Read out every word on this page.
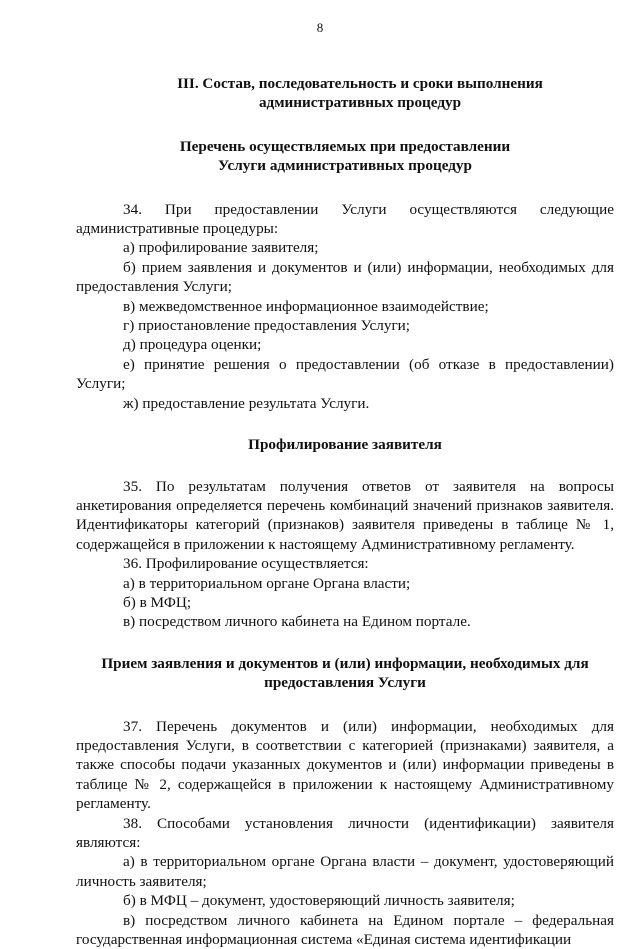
8

III. Состав, последовательность и сроки выполнения
административных процедур

Перечень осуществляемых при предоставлении
Услуги административных процедур

34. При предоставлении Услуги осуществляются следующие административные процедуры:

а) профилирование заявителя;

б) прием заявления и документов и (или) информации, необходимых для предоставления Услуги;

в) межведомственное информационное взаимодействие;

г) приостановление предоставления Услуги;

д) процедура оценки;

е) принятие решения о предоставлении (об отказе в предоставлении) Услуги;

ж) предоставление результата Услуги.

Профилирование заявителя

35. По результатам получения ответов от заявителя на вопросы анкетирования определяется перечень комбинаций значений признаков заявителя. Идентификаторы категорий (признаков) заявителя приведены в таблице № 1, содержащейся в приложении к настоящему Административному регламенту.

36. Профилирование осуществляется:

а) в территориальном органе Органа власти;

б) в МФЦ;

в) посредством личного кабинета на Едином портале.

Прием заявления и документов и (или) информации, необходимых для
предоставления Услуги

37. Перечень документов и (или) информации, необходимых для предоставления Услуги, в соответствии с категорией (признаками) заявителя, а также способы подачи указанных документов и (или) информации приведены в таблице № 2, содержащейся в приложении к настоящему Административному регламенту.

38. Способами установления личности (идентификации) заявителя являются:

а) в территориальном органе Органа власти – документ, удостоверяющий личность заявителя;

б) в МФЦ – документ, удостоверяющий личность заявителя;

в) посредством личного кабинета на Едином портале – федеральная государственная информационная система «Единая система идентификации
